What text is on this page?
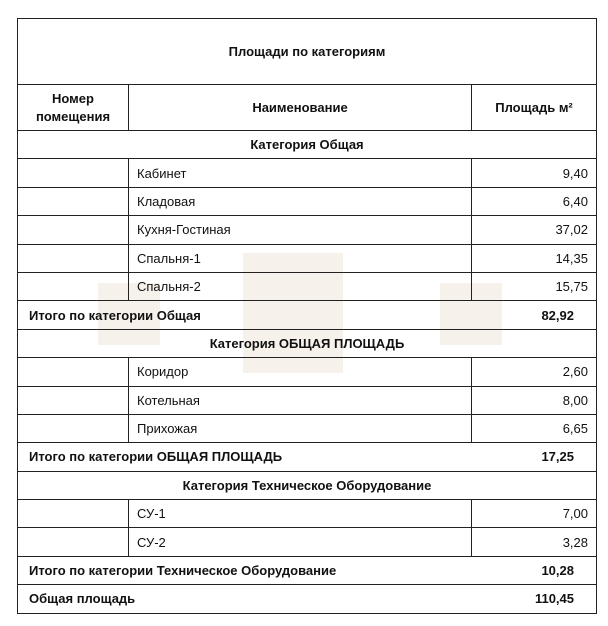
Площади по категориям		
Номер помещения	Наименование	Площадь м²
Категория Общая		
	Кабинет	9,40
	Кладовая	6,40
	Кухня-Гостиная	37,02
	Спальня-1	14,35
	Спальня-2	15,75
Итого по категории Общая		82,92
Категория ОБЩАЯ ПЛОЩАДЬ		
	Коридор	2,60
	Котельная	8,00
	Прихожая	6,65
Итого по категории ОБЩАЯ ПЛОЩАДЬ		17,25
Категория Техническое Оборудование		
	СУ-1	7,00
	СУ-2	3,28
Итого по категории Техническое Оборудование		10,28
Общая площадь		110,45
